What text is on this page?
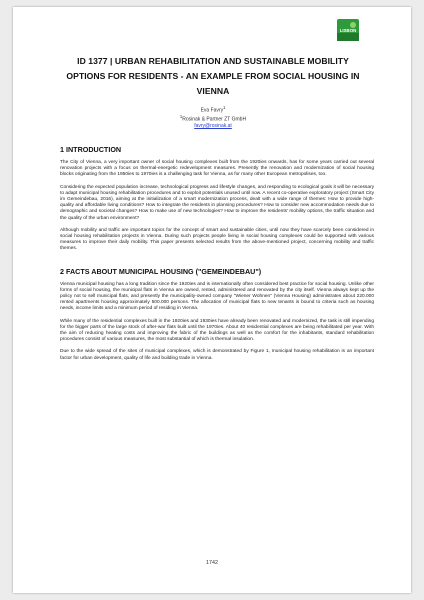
LISBON
ID 1377 | URBAN REHABILITATION AND SUSTAINABLE MOBILITY OPTIONS FOR RESIDENTS - AN EXAMPLE FROM SOCIAL HOUSING IN VIENNA
Eva Favry$^1$
$^1$Rosinak & Partner ZT GmbH
favry@rosinak.at
1 INTRODUCTION

The City of Vienna, a very important owner of social housing complexes built from the 1920ies onwards, has for some years carried out several renovation projects with a focus on thermal-energetic redevelopment measures. Presently the renovation and modernization of social housing blocks originating from the 1950ies to 1970ies is a challenging task for Vienna, as for many other European metropolises, too.

Considering the expected population increase, technological progress and lifestyle changes, and responding to ecological goals it will be necessary to adapt municipal housing rehabilitation procedures and to exploit potentials unused until now. A recent co-operative exploratory project (Smart City im Gemeindebau, 2016), aiming at the initialization of a smart modernization process, dealt with a wide range of themes: How to provide high-quality and affordable living conditions? How to integrate the residents in planning procedures? How to consider new accommodation needs due to demographic and societal changes? How to make use of new technologies? How to improve the residents' mobility options, the traffic situation and the quality of the urban environment?

Although mobility and traffic are important topics for the concept of smart and sustainable cities, until now they have scarcely been considered in social housing rehabilitation projects in Vienna. During such projects people living in social housing complexes could be supported with various measures to improve their daily mobility. This paper presents selected results from the above-mentioned project, concerning mobility and traffic themes.

2 FACTS ABOUT MUNICIPAL HOUSING ("GEMEINDEBAU")

Vienna municipal housing has a long tradition since the 1920ies and is internationally often considered best practice for social housing. Unlike other forms of social housing, the municipal flats in Vienna are owned, rented, administered and renovated by the city itself. Vienna always kept up the policy not to sell municipal flats, and presently the municipality-owned company "Wiener Wohnen" (Vienna Housing) administrates about 220.000 rented apartments housing approximately 500.000 persons. The allocation of municipal flats to new tenants is bound to criteria such as housing needs, income limits and a minimum period of residing in Vienna.

While many of the residential complexes built in the 1920ies and 1930ies have already been renovated and modernized, the task is still impending for the bigger parts of the large stock of after-war flats built until the 1970ies. About 40 residential complexes are being rehabilitated per year. With the aim of reducing heating costs and improving the fabric of the buildings as well as the comfort for the inhabitants, standard rehabilitation procedures consist of various measures, the most substantial of which is thermal insulation.

Due to the wide spread of the sites of municipal complexes, which is demonstrated by Figure 1, municipal housing rehabilitation is an important factor for urban development, quality of life and building trade in Vienna.

1742
